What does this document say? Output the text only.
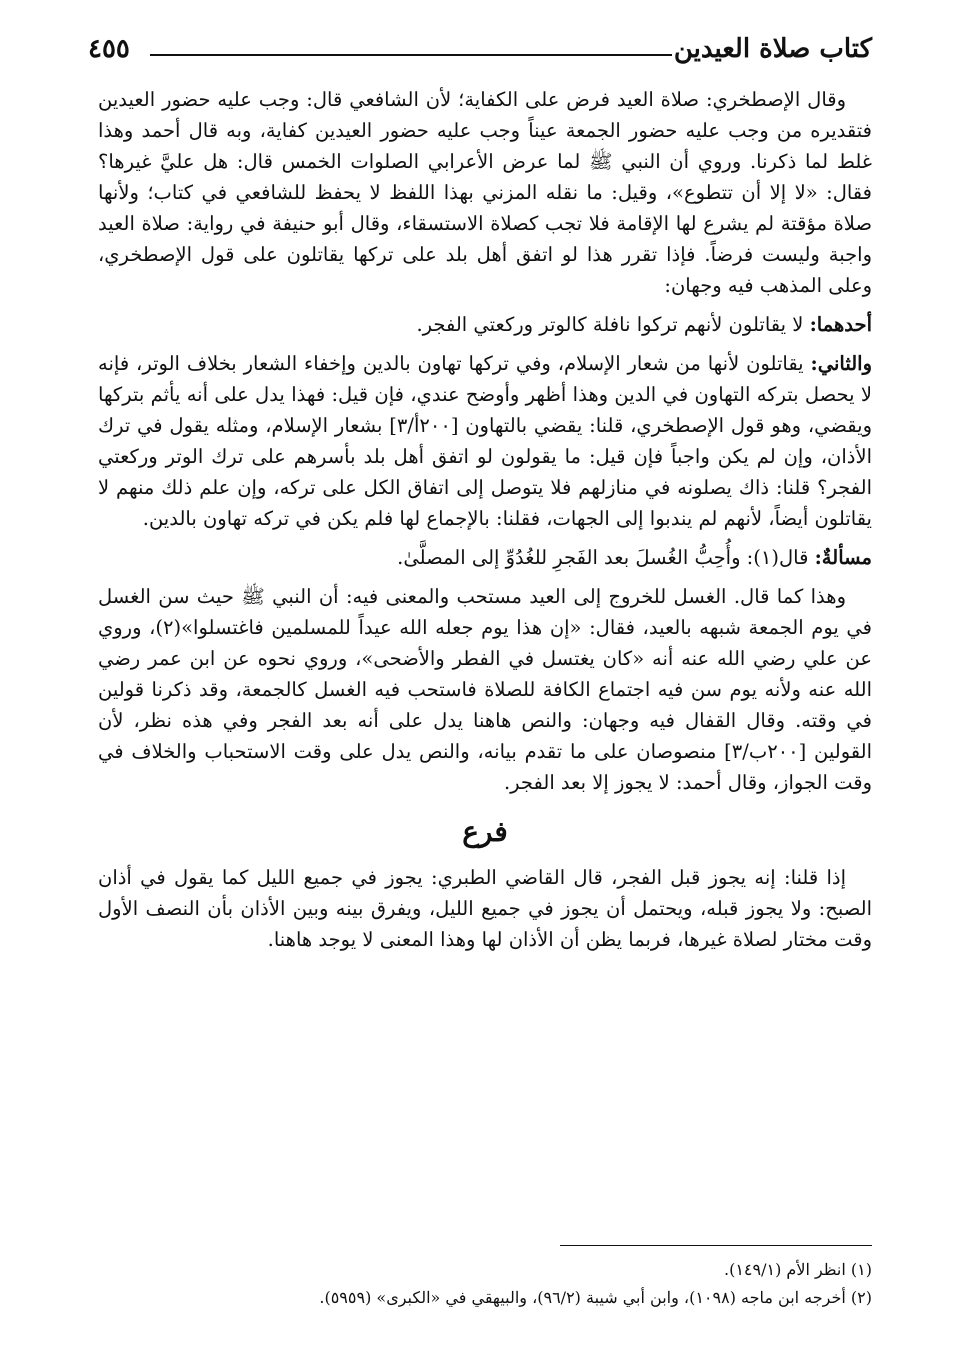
كتاب صلاة العيدين
٤٥٥

وقال الإصطخري: صلاة العيد فرض على الكفاية؛ لأن الشافعي قال: وجب عليه حضور العيدين فتقديره من وجب عليه حضور الجمعة عيناً وجب عليه حضور العيدين كفاية، وبه قال أحمد وهذا غلط لما ذكرنا. وروي أن النبي ﷺ لما عرض الأعرابي الصلوات الخمس قال: هل عليَّ غيرها؟ فقال: «لا إلا أن تتطوع»، وقيل: ما نقله المزني بهذا اللفظ لا يحفظ للشافعي في كتاب؛ ولأنها صلاة مؤقتة لم يشرع لها الإقامة فلا تجب كصلاة الاستسقاء، وقال أبو حنيفة في رواية: صلاة العيد واجبة وليست فرضاً. فإذا تقرر هذا لو اتفق أهل بلد على تركها يقاتلون على قول الإصطخري، وعلى المذهب فيه وجهان:

أحدهما: لا يقاتلون لأنهم تركوا نافلة كالوتر وركعتي الفجر.

والثاني: يقاتلون لأنها من شعار الإسلام، وفي تركها تهاون بالدين وإخفاء الشعار بخلاف الوتر، فإنه لا يحصل بتركه التهاون في الدين وهذا أظهر وأوضح عندي، فإن قيل: فهذا يدل على أنه يأثم بتركها ويقضي، وهو قول الإصطخري، قلنا: يقضي بالتهاون [٢٠٠أ/٣] بشعار الإسلام، ومثله يقول في ترك الأذان، وإن لم يكن واجباً فإن قيل: ما يقولون لو اتفق أهل بلد بأسرهم على ترك الوتر وركعتي الفجر؟ قلنا: ذاك يصلونه في منازلهم فلا يتوصل إلى اتفاق الكل على تركه، وإن علم ذلك منهم لا يقاتلون أيضاً، لأنهم لم يندبوا إلى الجهات، فقلنا: بالإجماع لها فلم يكن في تركه تهاون بالدين.

مسألةٌ: قال(١): وأُحِبُّ الغُسلَ بعد الفَجرِ للغُدُوِّ إلى المصلَّىٰ.

وهذا كما قال. الغسل للخروج إلى العيد مستحب والمعنى فيه: أن النبي ﷺ حيث سن الغسل في يوم الجمعة شبهه بالعيد، فقال: «إن هذا يوم جعله الله عيداً للمسلمين فاغتسلوا»(٢)، وروي عن علي رضي الله عنه أنه «كان يغتسل في الفطر والأضحى»، وروي نحوه عن ابن عمر رضي الله عنه ولأنه يوم سن فيه اجتماع الكافة للصلاة فاستحب فيه الغسل كالجمعة، وقد ذكرنا قولين في وقته. وقال القفال فيه وجهان: والنص هاهنا يدل على أنه بعد الفجر وفي هذه نظر، لأن القولين [٢٠٠ب/٣] منصوصان على ما تقدم بيانه، والنص يدل على وقت الاستحباب والخلاف في وقت الجواز، وقال أحمد: لا يجوز إلا بعد الفجر.

فرع

إذا قلنا: إنه يجوز قبل الفجر، قال القاضي الطبري: يجوز في جميع الليل كما يقول في أذان الصبح: ولا يجوز قبله، ويحتمل أن يجوز في جميع الليل، ويفرق بينه وبين الأذان بأن النصف الأول وقت مختار لصلاة غيرها، فربما يظن أن الأذان لها وهذا المعنى لا يوجد هاهنا.

(١) انظر الأم (١٤٩/١).

(٢) أخرجه ابن ماجه (١٠٩٨)، وابن أبي شيبة (٩٦/٢)، والبيهقي في «الكبرى» (٥٩٥٩).
